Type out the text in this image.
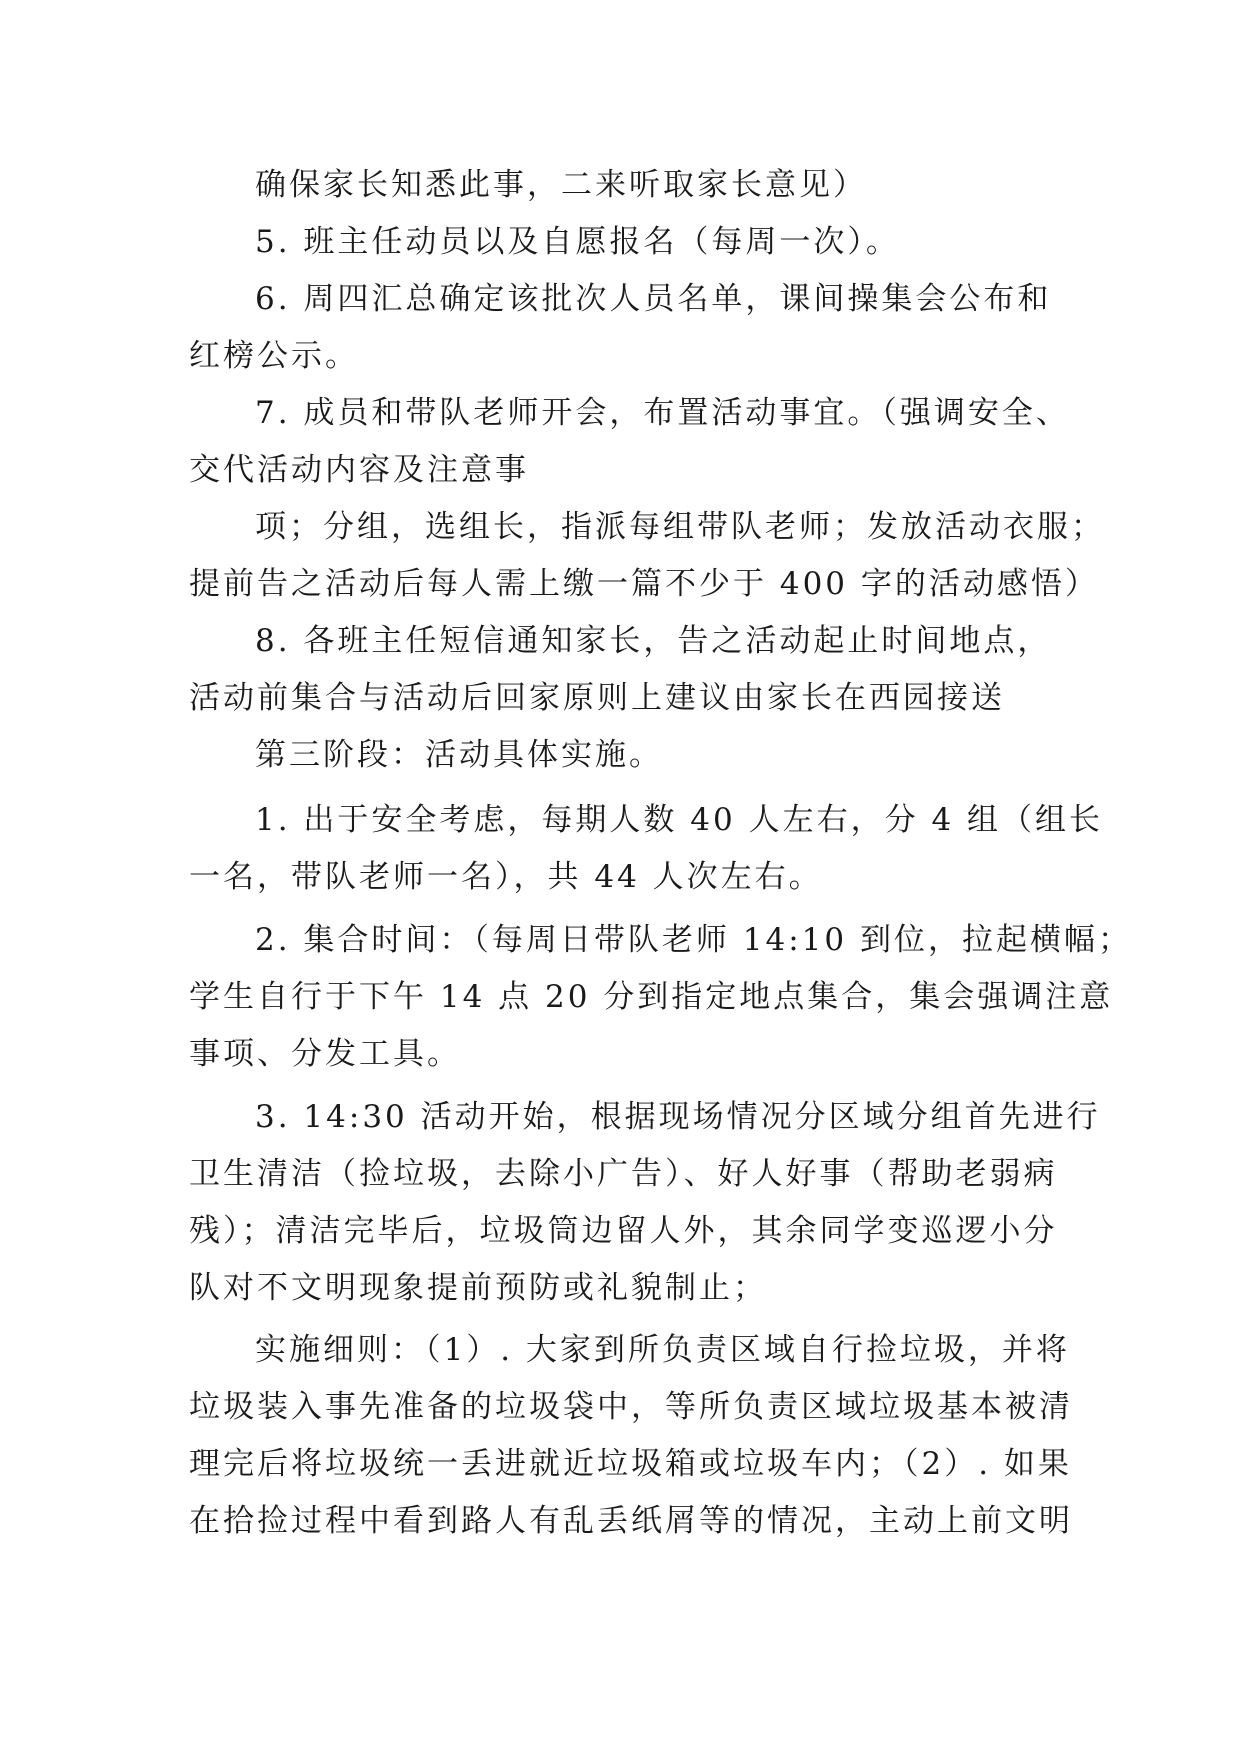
确保家长知悉此事，二来听取家长意见）
5. 班主任动员以及自愿报名（每周一次）。
6. 周四汇总确定该批次人员名单，课间操集会公布和
红榜公示。
7. 成员和带队老师开会，布置活动事宜。（强调安全、
交代活动内容及注意事
项；分组，选组长，指派每组带队老师；发放活动衣服；
提前告之活动后每人需上缴一篇不少于 400 字的活动感悟）
8. 各班主任短信通知家长，告之活动起止时间地点，
活动前集合与活动后回家原则上建议由家长在西园接送
第三阶段：活动具体实施。
1. 出于安全考虑，每期人数 40 人左右，分 4 组（组长
一名，带队老师一名），共 44 人次左右。
2. 集合时间：（每周日带队老师 14:10 到位，拉起横幅；
学生自行于下午 14 点 20 分到指定地点集合，集会强调注意
事项、分发工具。
3. 14:30 活动开始，根据现场情况分区域分组首先进行
卫生清洁（捡垃圾，去除小广告）、好人好事（帮助老弱病
残）；清洁完毕后，垃圾筒边留人外，其余同学变巡逻小分
队对不文明现象提前预防或礼貌制止；
实施细则：（1）. 大家到所负责区域自行捡垃圾，并将
垃圾装入事先准备的垃圾袋中，等所负责区域垃圾基本被清
理完后将垃圾统一丢进就近垃圾箱或垃圾车内；（2）. 如果
在拾捡过程中看到路人有乱丢纸屑等的情况，主动上前文明
